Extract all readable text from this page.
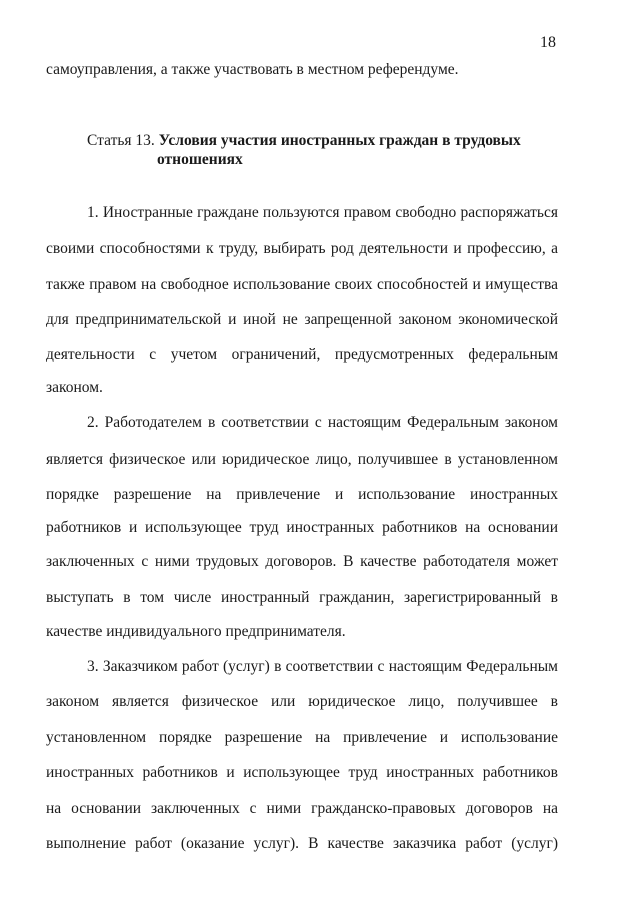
18
самоуправления, а также участвовать в местном референдуме.
Статья 13. Условия участия иностранных граждан в трудовых
отношениях
1. Иностранные граждане пользуются правом свободно распоряжаться
своими способностями к труду, выбирать род деятельности и профессию, а
также правом на свободное использование своих способностей и имущества
для предпринимательской и иной не запрещенной законом экономической
деятельности с учетом ограничений, предусмотренных федеральным
законом.
2. Работодателем в соответствии с настоящим Федеральным законом
является физическое или юридическое лицо, получившее в установленном
порядке разрешение на привлечение и использование иностранных
работников и использующее труд иностранных работников на основании
заключенных с ними трудовых договоров. В качестве работодателя может
выступать в том числе иностранный гражданин, зарегистрированный в
качестве индивидуального предпринимателя.
3. Заказчиком работ (услуг) в соответствии с настоящим Федеральным
законом является физическое или юридическое лицо, получившее в
установленном порядке разрешение на привлечение и использование
иностранных работников и использующее труд иностранных работников
на основании заключенных с ними гражданско-правовых договоров на
выполнение работ (оказание услуг). В качестве заказчика работ (услуг)
